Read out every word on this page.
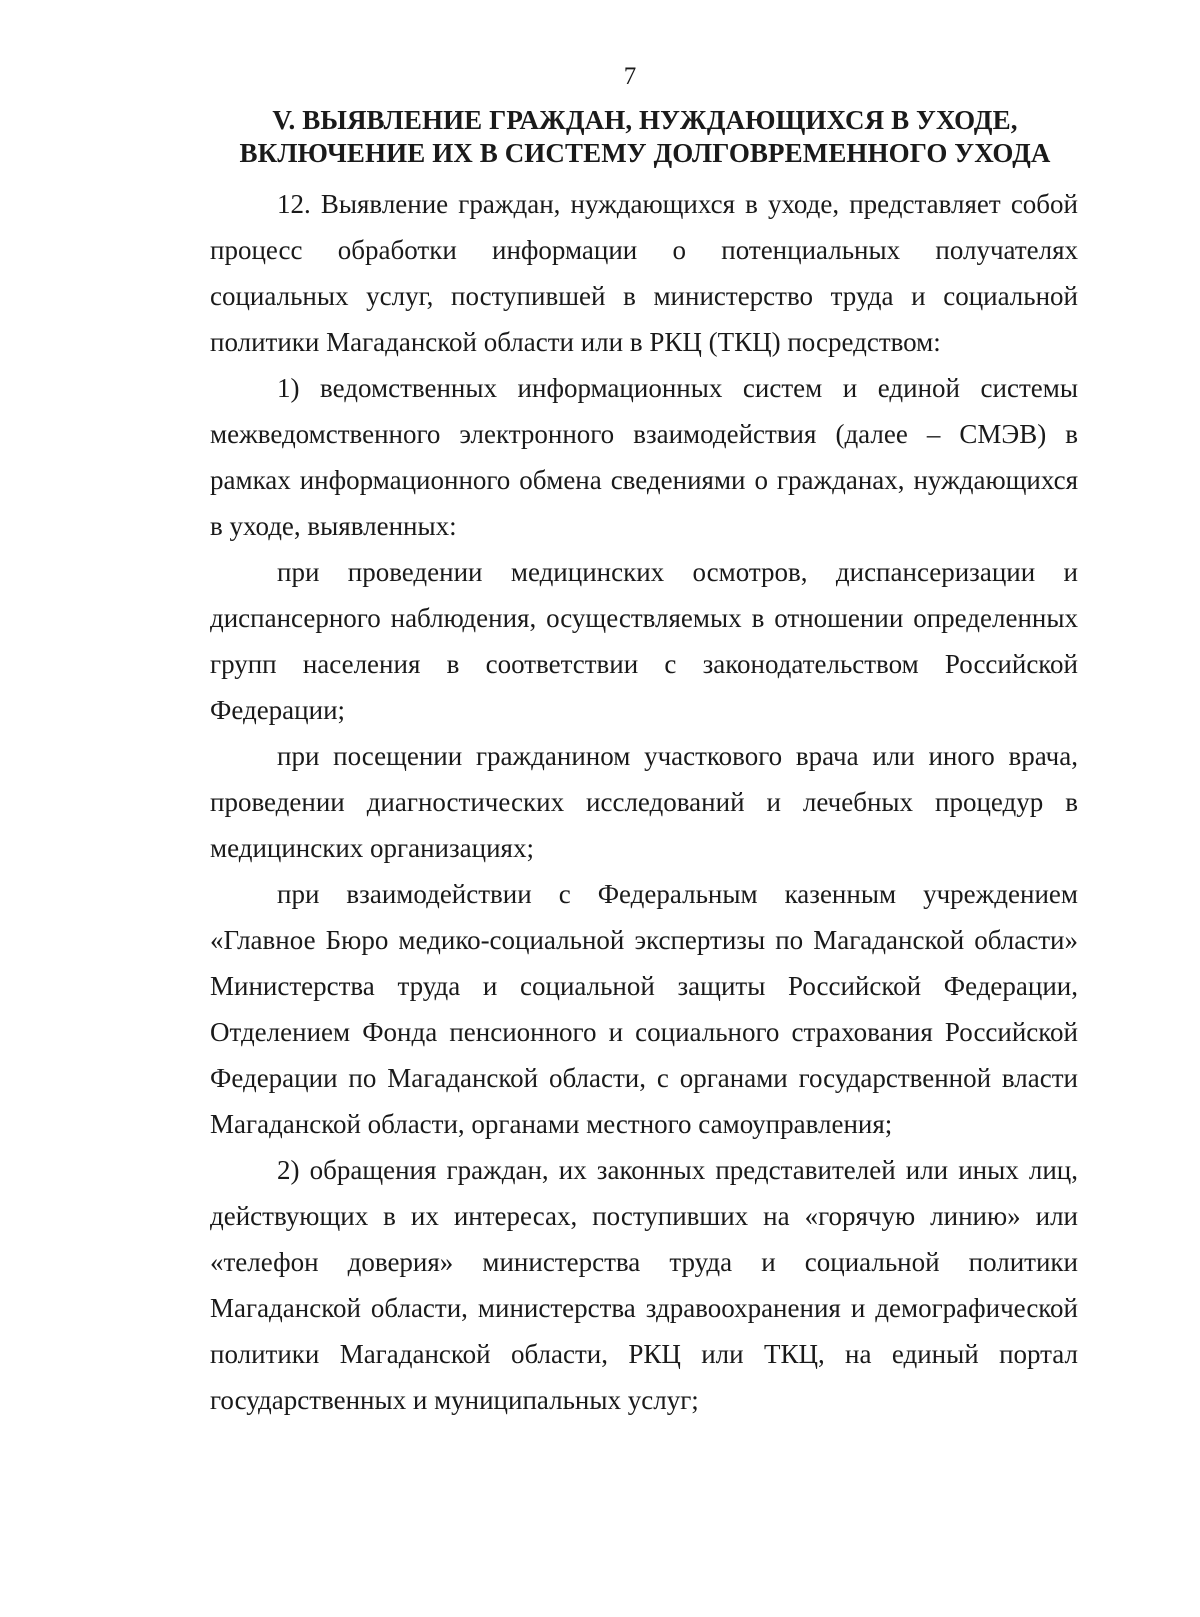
7
V. ВЫЯВЛЕНИЕ ГРАЖДАН, НУЖДАЮЩИХСЯ В УХОДЕ,
ВКЛЮЧЕНИЕ ИХ В СИСТЕМУ ДОЛГОВРЕМЕННОГО УХОДА

12. Выявление граждан, нуждающихся в уходе, представляет собой процесс обработки информации о потенциальных получателях социальных услуг, поступившей в министерство труда и социальной политики Магаданской области или в РКЦ (ТКЦ) посредством:

1) ведомственных информационных систем и единой системы межведомственного электронного взаимодействия (далее – СМЭВ) в рамках информационного обмена сведениями о гражданах, нуждающихся в уходе, выявленных:

при проведении медицинских осмотров, диспансеризации и диспансерного наблюдения, осуществляемых в отношении определенных групп населения в соответствии с законодательством Российской Федерации;

при посещении гражданином участкового врача или иного врача, проведении диагностических исследований и лечебных процедур в медицинских организациях;

при взаимодействии с Федеральным казенным учреждением «Главное Бюро медико-социальной экспертизы по Магаданской области» Министерства труда и социальной защиты Российской Федерации, Отделением Фонда пенсионного и социального страхования Российской Федерации по Магаданской области, с органами государственной власти Магаданской области, органами местного самоуправления;

2) обращения граждан, их законных представителей или иных лиц, действующих в их интересах, поступивших на «горячую линию» или «телефон доверия» министерства труда и социальной политики Магаданской области, министерства здравоохранения и демографической политики Магаданской области, РКЦ или ТКЦ, на единый портал государственных и муниципальных услуг;
